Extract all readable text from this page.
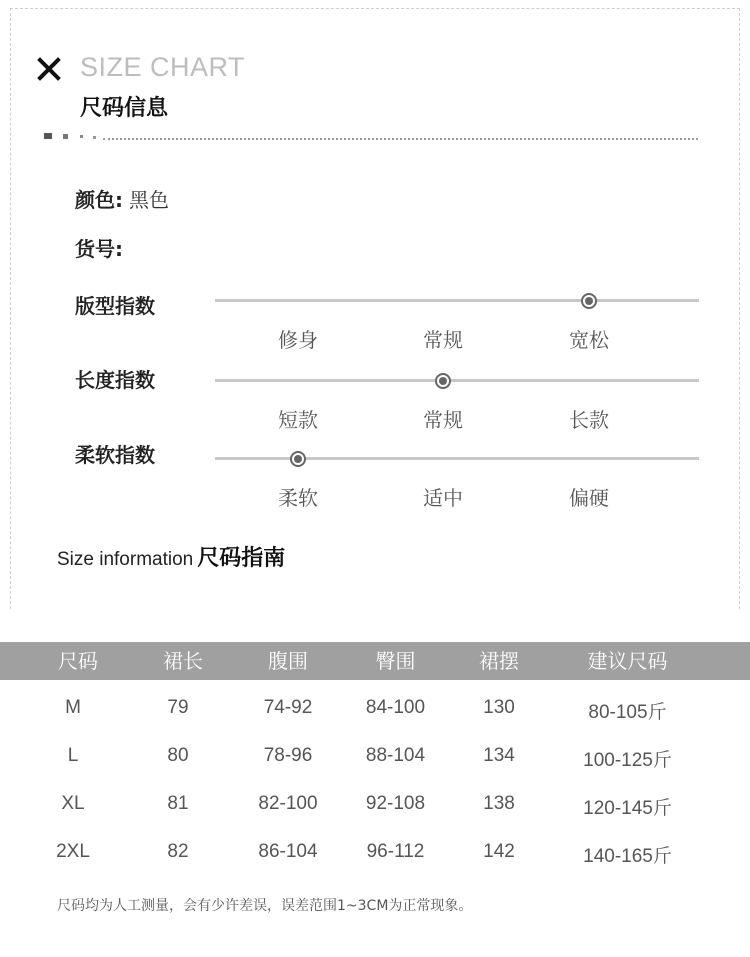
SIZE CHART
尺码信息
颜色: 黑色
货号:
版型指数
修身	常规	宽松
长度指数
短款	常规	长款
柔软指数
柔软	适中	偏硬
Size information 尺码指南
尺码	裙长	腹围	臀围	裙摆	建议尺码
M	79	74-92	84-100	130	80-105斤
L	80	78-96	88-104	134	100-125斤
XL	81	82-100	92-108	138	120-145斤
2XL	82	86-104	96-112	142	140-165斤
尺码均为人工测量，会有少许差误，误差范围1~3CM为正常现象。
